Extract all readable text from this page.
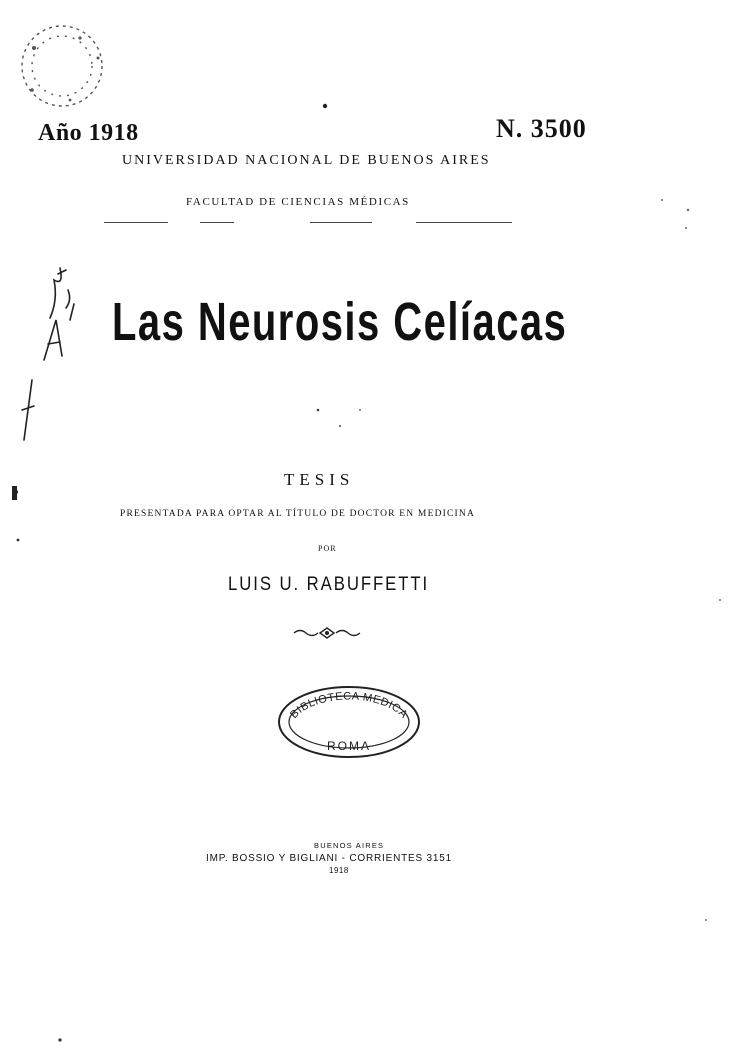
Año 1918	N. 3500
UNIVERSIDAD NACIONAL DE BUENOS AIRES
FACULTAD DE CIENCIAS MÉDICAS
Las Neurosis Celíacas
TESIS
PRESENTADA PARA OPTAR AL TÍTULO DE DOCTOR EN MEDICINA
POR
LUIS U. RABUFFETTI
BIBLIOTECA MEDICA
ROMA
BUENOS AIRES
IMP. BOSSIO Y BIGLIANI - CORRIENTES 3151
1918
